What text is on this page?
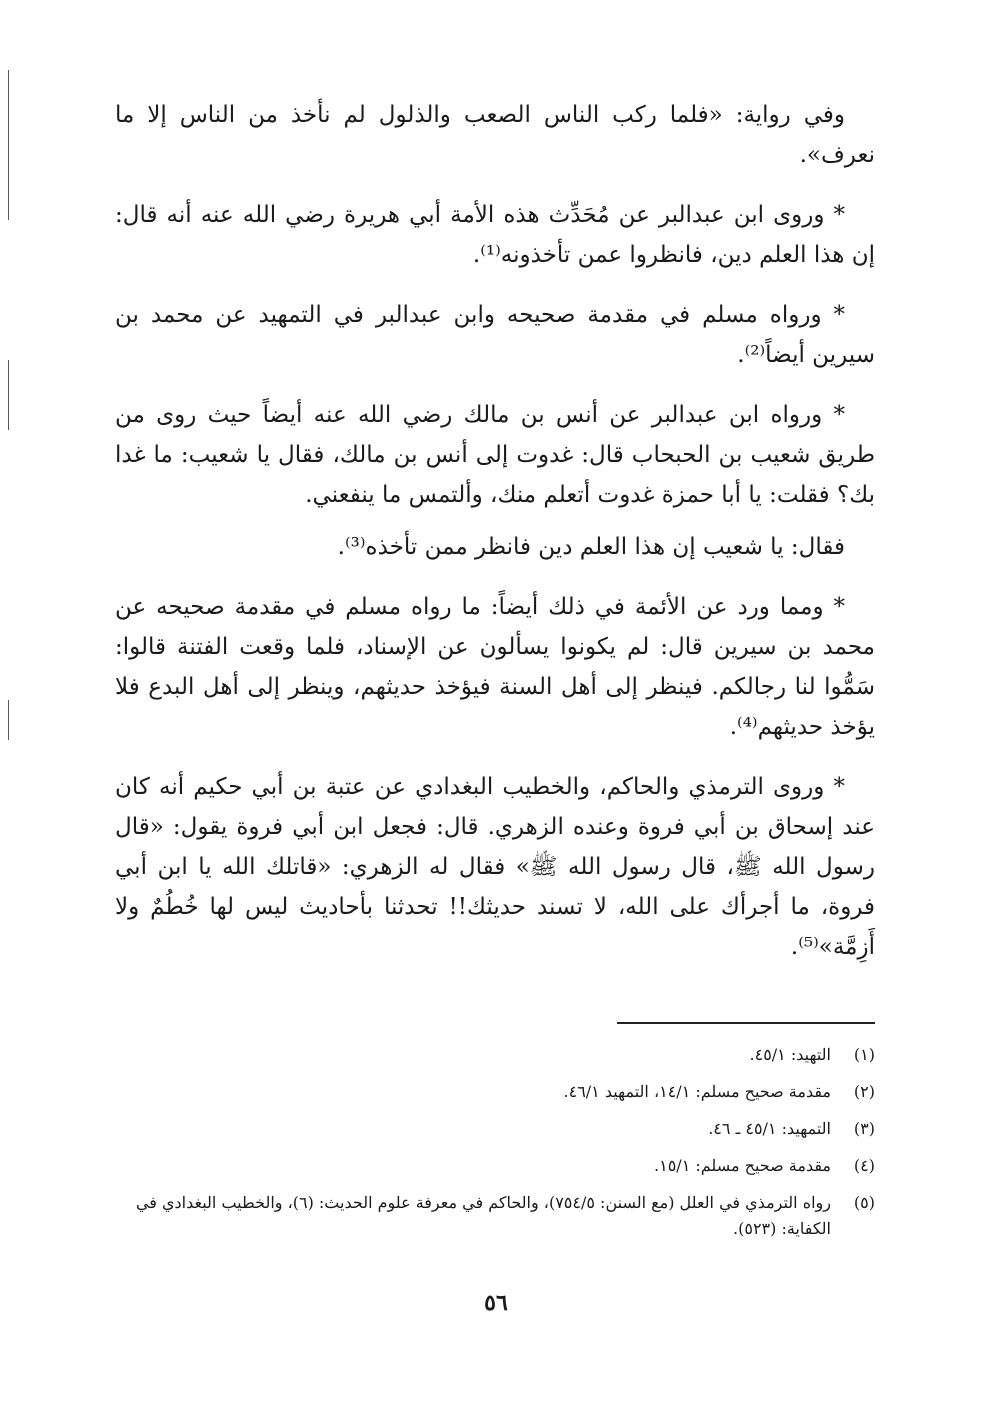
وفي رواية: «فلما ركب الناس الصعب والذلول لم نأخذ من الناس إلا ما نعرف».

* وروى ابن عبدالبر عن مُحَدِّث هذه الأمة أبي هريرة رضي الله عنه أنه قال: إن هذا العلم دين، فانظروا عمن تأخذونه⁽¹⁾.

* ورواه مسلم في مقدمة صحيحه وابن عبدالبر في التمهيد عن محمد بن سيرين أيضاً⁽²⁾.

* ورواه ابن عبدالبر عن أنس بن مالك رضي الله عنه أيضاً حيث روى من طريق شعيب بن الحبحاب قال: غدوت إلى أنس بن مالك، فقال يا شعيب: ما غدا بك؟ فقلت: يا أبا حمزة غدوت أتعلم منك، وألتمس ما ينفعني.

فقال: يا شعيب إن هذا العلم دين فانظر ممن تأخذه⁽³⁾.

* ومما ورد عن الأئمة في ذلك أيضاً: ما رواه مسلم في مقدمة صحيحه عن محمد بن سيرين قال: لم يكونوا يسألون عن الإسناد، فلما وقعت الفتنة قالوا: سَمُّوا لنا رجالكم. فينظر إلى أهل السنة فيؤخذ حديثهم، وينظر إلى أهل البدع فلا يؤخذ حديثهم⁽⁴⁾.

* وروى الترمذي والحاكم، والخطيب البغدادي عن عتبة بن أبي حكيم أنه كان عند إسحاق بن أبي فروة وعنده الزهري. قال: فجعل ابن أبي فروة يقول: «قال رسول الله ﷺ، قال رسول الله ﷺ» فقال له الزهري: «قاتلك الله يا ابن أبي فروة، ما أجرأك على الله، لا تسند حديثك!! تحدثنا بأحاديث ليس لها خُطُمٌ ولا أَزِمَّة»⁽⁵⁾.

(١)
التهيد: ٤٥/١.
(٢)
مقدمة صحيح مسلم: ١٤/١، التمهيد ٤٦/١.
(٣)
التمهيد: ٤٥/١ ـ ٤٦.
(٤)
مقدمة صحيح مسلم: ١٥/١.
(٥)
رواه الترمذي في العلل (مع السنن: ٧٥٤/٥)، والحاكم في معرفة علوم الحديث: (٦)، والخطيب البغدادي في الكفاية: (٥٢٣).
٥٦
